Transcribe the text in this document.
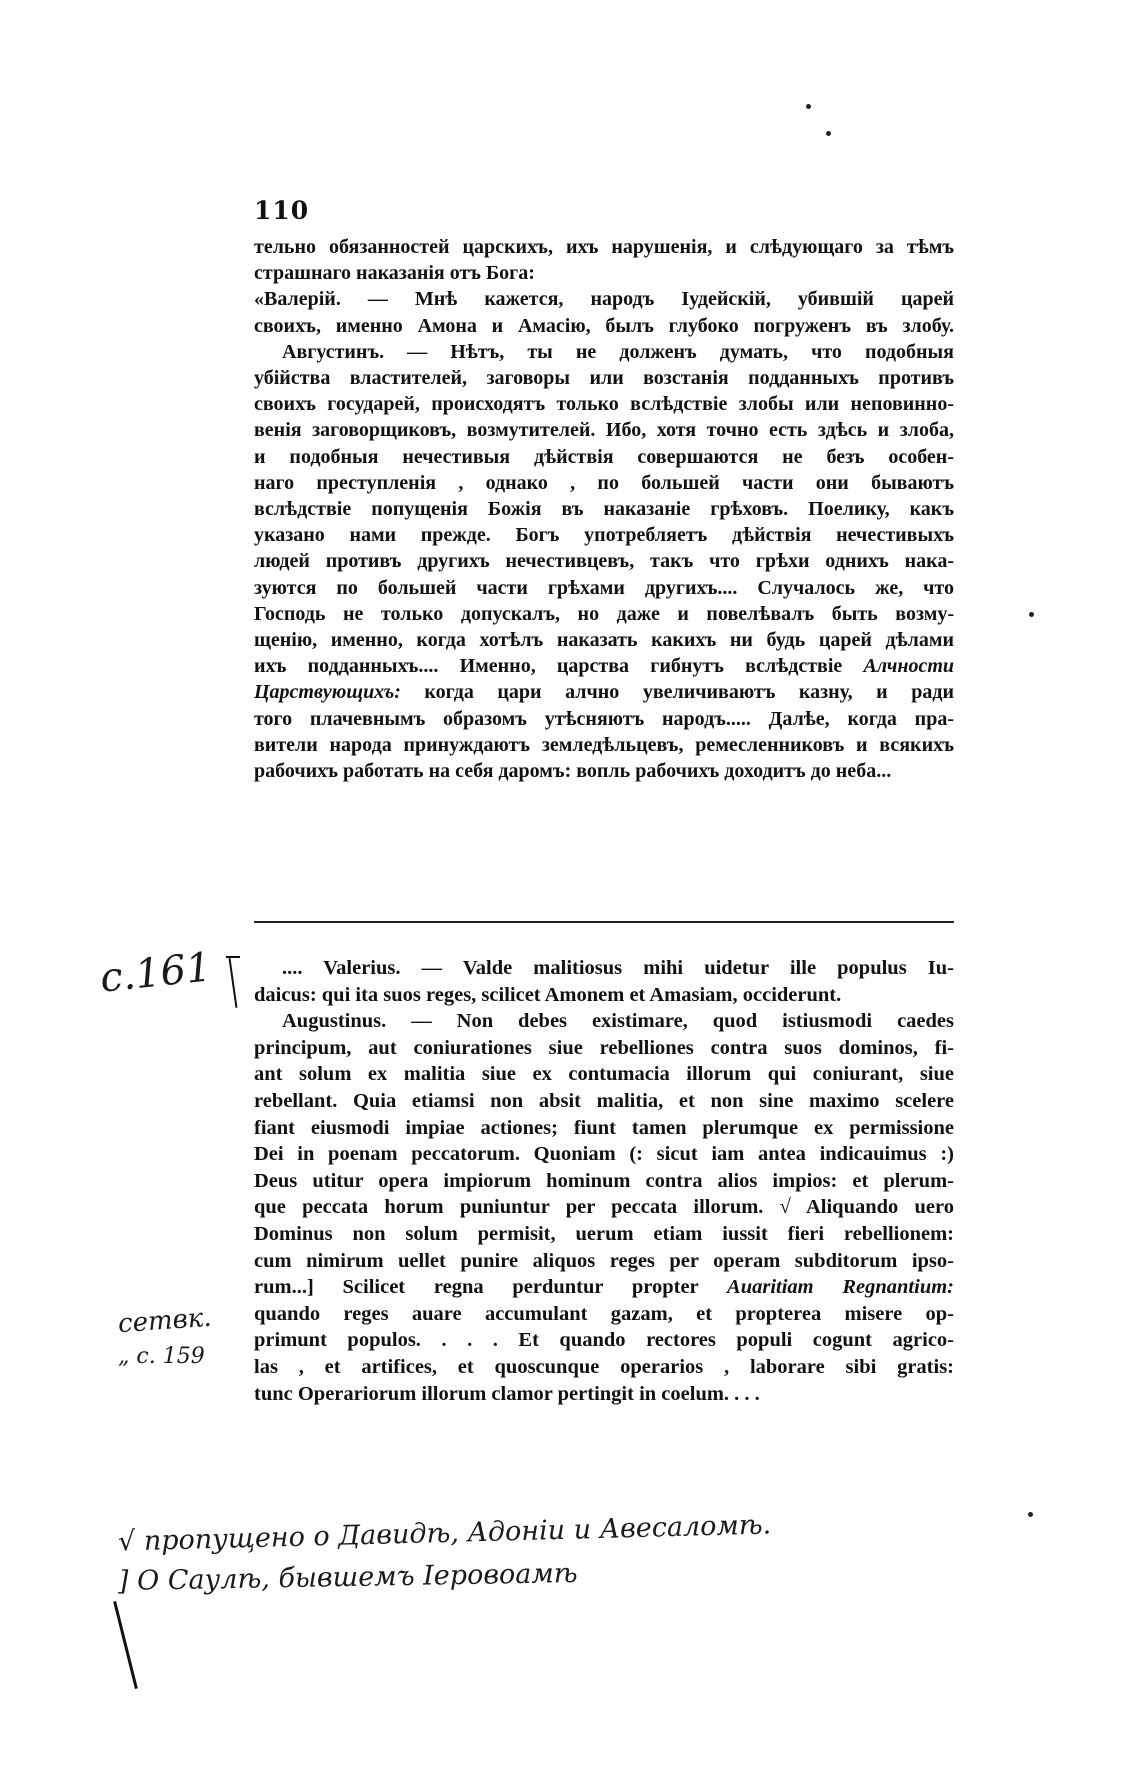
110
тельно обязанностей царскихъ, ихъ нарушенія, и слѣдующаго за тѣмъ
страшнаго наказанія отъ Бога:
«Валерій. — Мнѣ кажется, народъ Іудейскій, убившій царей
своихъ, именно Амона и Амасію, былъ глубоко погруженъ въ злобу.
Августинъ. — Нѣтъ, ты не долженъ думать, что подобныя
убійства властителей, заговоры или возстанія подданныхъ противъ
своихъ государей, происходятъ только вслѣдствіе злобы или неповинно-
венія заговорщиковъ, возмутителей. Ибо, хотя точно есть здѣсь и злоба,
и подобныя нечестивыя дѣйствія совершаются не безъ особен-
наго преступленія , однако , по большей части они бываютъ
вслѣдствіе попущенія Божія въ наказаніе грѣховъ. Поелику, какъ
указано нами прежде. Богъ употребляетъ дѣйствія нечестивыхъ
людей противъ другихъ нечестивцевъ, такъ что грѣхи однихъ нака-
зуются по большей части грѣхами другихъ.... Случалось же, что
Господь не только допускалъ, но даже и повелѣвалъ быть возму-
щенію, именно, когда хотѣлъ наказать какихъ ни будь царей дѣлами
ихъ подданныхъ.... Именно, царства гибнутъ вслѣдствіе Алчности
Царствующихъ: когда цари алчно увеличиваютъ казну, и ради
того плачевнымъ образомъ утѣсняютъ народъ..... Далѣе, когда пра-
вители народа принуждаютъ земледѣльцевъ, ремесленниковъ и всякихъ
рабочихъ работать на себя даромъ: вопль рабочихъ доходитъ до неба...
.... Valerius. — Valde malitiosus mihi uidetur ille populus Iu-
daicus: qui ita suos reges, scilicet Amonem et Amasiam, occiderunt.
Augustinus. — Non debes existimare, quod istiusmodi caedes
principum, aut coniurationes siue rebelliones contra suos dominos, fi-
ant solum ex malitia siue ex contumacia illorum qui coniurant, siue
rebellant. Quia etiamsi non absit malitia, et non sine maximo scelere
fiant eiusmodi impiae actiones; fiunt tamen plerumque ex permissione
Dei in poenam peccatorum. Quoniam (: sicut iam antea indicauimus :)
Deus utitur opera impiorum hominum contra alios impios: et plerum-
que peccata horum puniuntur per peccata illorum. √ Aliquando uero
Dominus non solum permisit, uerum etiam iussit fieri rebellionem:
cum nimirum uellet punire aliquos reges per operam subditorum ipso-
rum...] Scilicet regna perduntur propter Auaritiam Regnantium:
quando reges auare accumulant gazam, et propterea misere op-
primunt populos. . . . Et quando rectores populi cogunt agrico-
las , et artifices, et quoscunque operarios , laborare sibi gratis:
tunc Operariorum illorum clamor pertingit in coelum. . . .
c.161
ceтвк.
„ с. 159
√ пропущено о Давидѣ, Адонiи и Авесаломѣ.
] О Саулѣ, бывшемъ Іеровоамѣ
